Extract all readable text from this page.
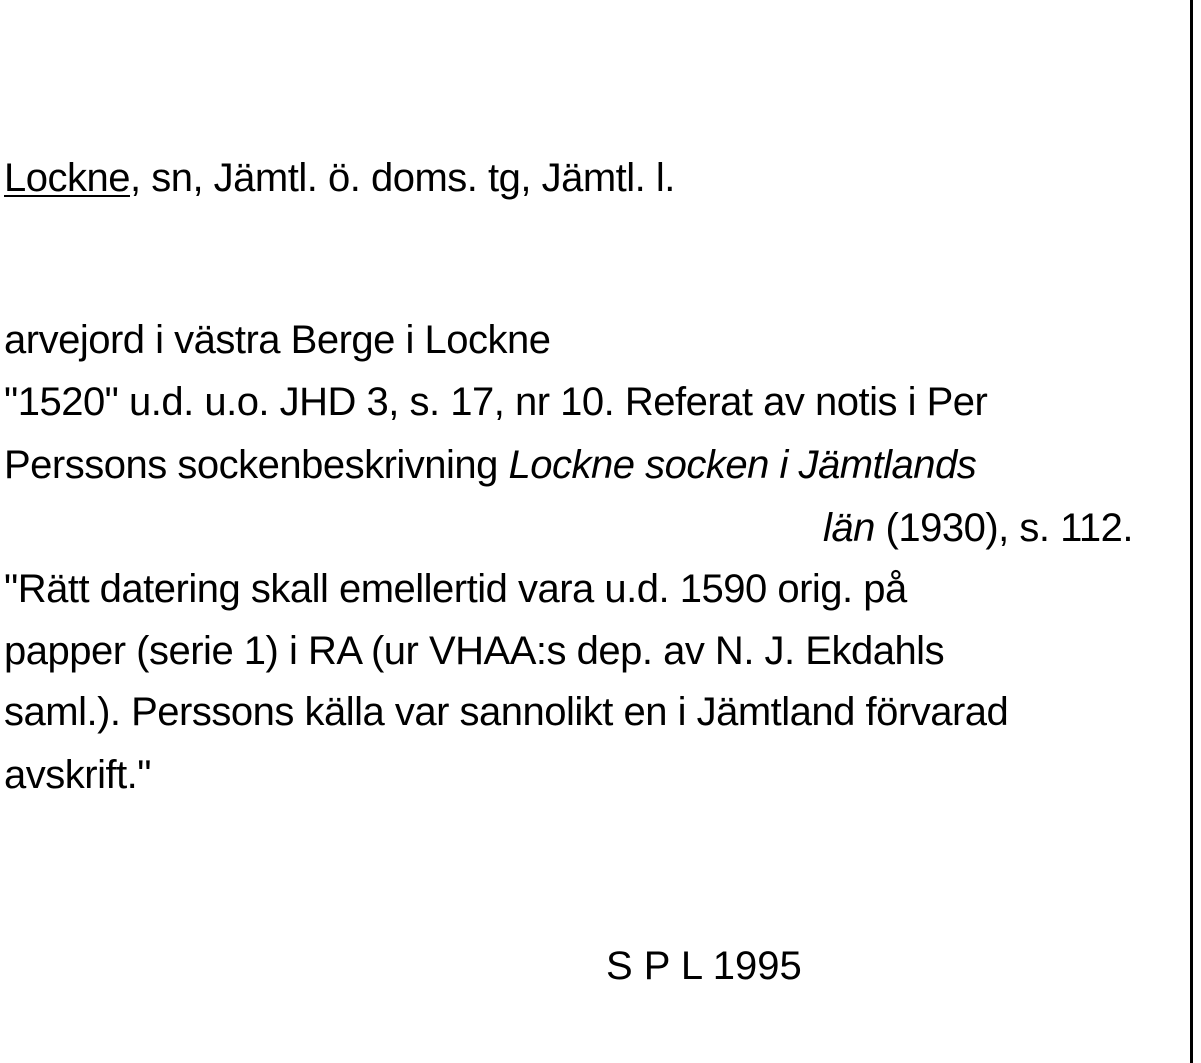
Lockne, sn, Jämtl. ö. doms. tg, Jämtl. l.
arvejord i västra Berge i Lockne
"1520" u.d. u.o. JHD 3, s. 17, nr 10. Referat av notis i Per
Perssons sockenbeskrivning Lockne socken i Jämtlands
län (1930), s. 112.
"Rätt datering skall emellertid vara u.d. 1590 orig. på
papper (serie 1) i RA (ur VHAA:s dep. av N. J. Ekdahls
saml.). Perssons källa var sannolikt en i Jämtland förvarad
avskrift."
S P L 1995
